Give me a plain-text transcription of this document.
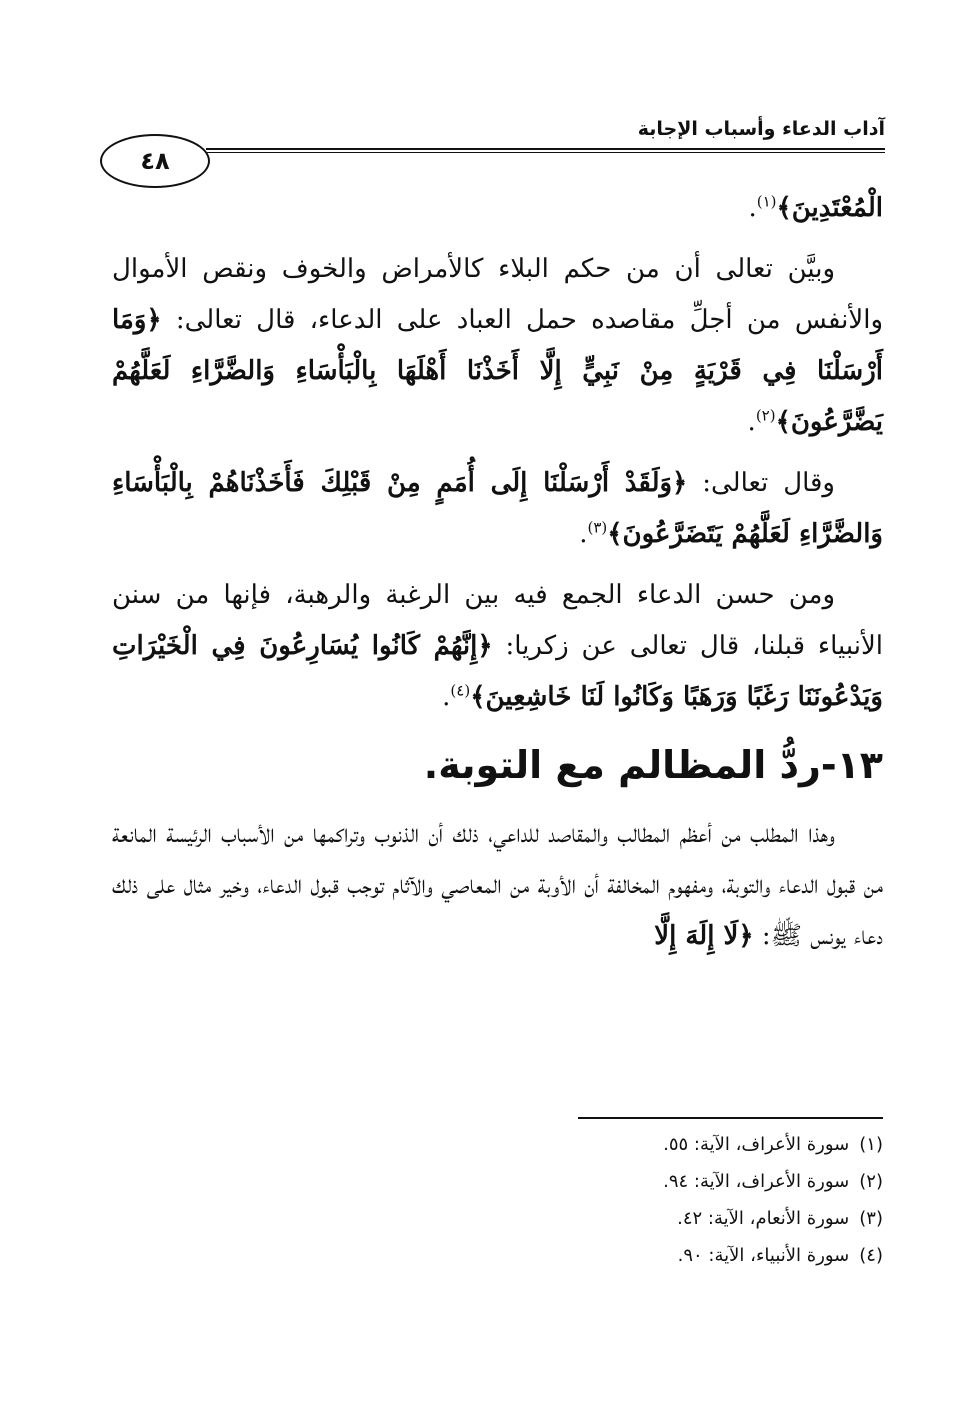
آداب الدعاء وأسباب الإجابة
٤٨

الْمُعْتَدِينَ﴾$^{(١)}$.

وبيَّن تعالى أن من حكم البلاء كالأمراض والخوف ونقص الأموال والأنفس من أجلِّ مقاصده حمل العباد على الدعاء، قال تعالى: ﴿وَمَا أَرْسَلْنَا فِي قَرْيَةٍ مِنْ نَبِيٍّ إِلَّا أَخَذْنَا أَهْلَهَا بِالْبَأْسَاءِ وَالضَّرَّاءِ لَعَلَّهُمْ يَضَّرَّعُونَ﴾$^{(٢)}$.

وقال تعالى: ﴿وَلَقَدْ أَرْسَلْنَا إِلَى أُمَمٍ مِنْ قَبْلِكَ فَأَخَذْنَاهُمْ بِالْبَأْسَاءِ وَالضَّرَّاءِ لَعَلَّهُمْ يَتَضَرَّعُونَ﴾$^{(٣)}$.

ومن حسن الدعاء الجمع فيه بين الرغبة والرهبة، فإنها من سنن الأنبياء قبلنا، قال تعالى عن زكريا: ﴿إِنَّهُمْ كَانُوا يُسَارِعُونَ فِي الْخَيْرَاتِ وَيَدْعُونَنَا رَغَبًا وَرَهَبًا وَكَانُوا لَنَا خَاشِعِينَ﴾$^{(٤)}$.

١٣-ردُّ المظالم مع التوبة.

وهذا المطلب من أعظم المطالب والمقاصد للداعي، ذلك أن الذنوب وتراكمها من الأسباب الرئيسة المانعة من قبول الدعاء والتوبة، ومفهوم المخالفة أن الأوبة من المعاصي والآثام توجب قبول الدعاء، وخير مثال على ذلك دعاء يونس ﷺ: ﴿لَا إِلَهَ إِلَّا

(١)سورة الأعراف، الآية: ٥٥.
(٢)سورة الأعراف، الآية: ٩٤.
(٣)سورة الأنعام، الآية: ٤٢.
(٤)سورة الأنبياء، الآية: ٩٠.
